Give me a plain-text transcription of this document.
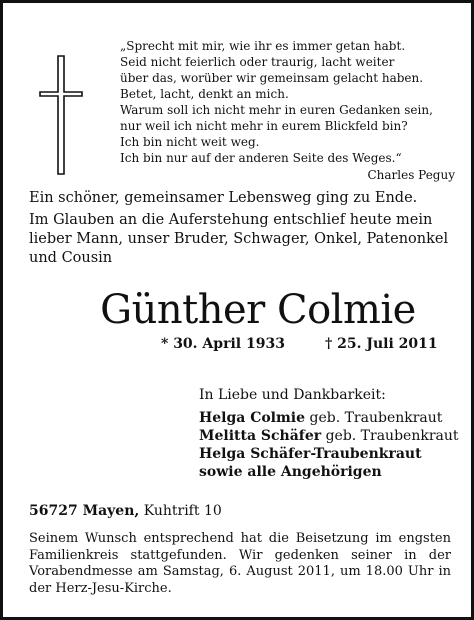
„Sprecht mit mir, wie ihr es immer getan habt.
Seid nicht feierlich oder traurig, lacht weiter
über das, worüber wir gemeinsam gelacht haben.
Betet, lacht, denkt an mich.
Warum soll ich nicht mehr in euren Gedanken sein,
nur weil ich nicht mehr in eurem Blickfeld bin?
Ich bin nicht weit weg.
Ich bin nur auf der anderen Seite des Weges.“
Charles Peguy
Ein schöner, gemeinsamer Lebensweg ging zu Ende.
Im Glauben an die Auferstehung entschlief heute mein
lieber Mann, unser Bruder, Schwager, Onkel, Patenonkel
und Cousin
Günther Colmie
* 30. April 1933	† 25. Juli 2011
In Liebe und Dankbarkeit:
Helga Colmie geb. Traubenkraut
Melitta Schäfer geb. Traubenkraut
Helga Schäfer-Traubenkraut
sowie alle Angehörigen
56727 Mayen, Kuhtrift 10
Seinem Wunsch entsprechend hat die Beisetzung im engsten Familienkreis stattgefunden. Wir gedenken seiner in der Vorabendmesse am Samstag, 6. August 2011, um 18.00 Uhr in der Herz-Jesu-Kirche.
